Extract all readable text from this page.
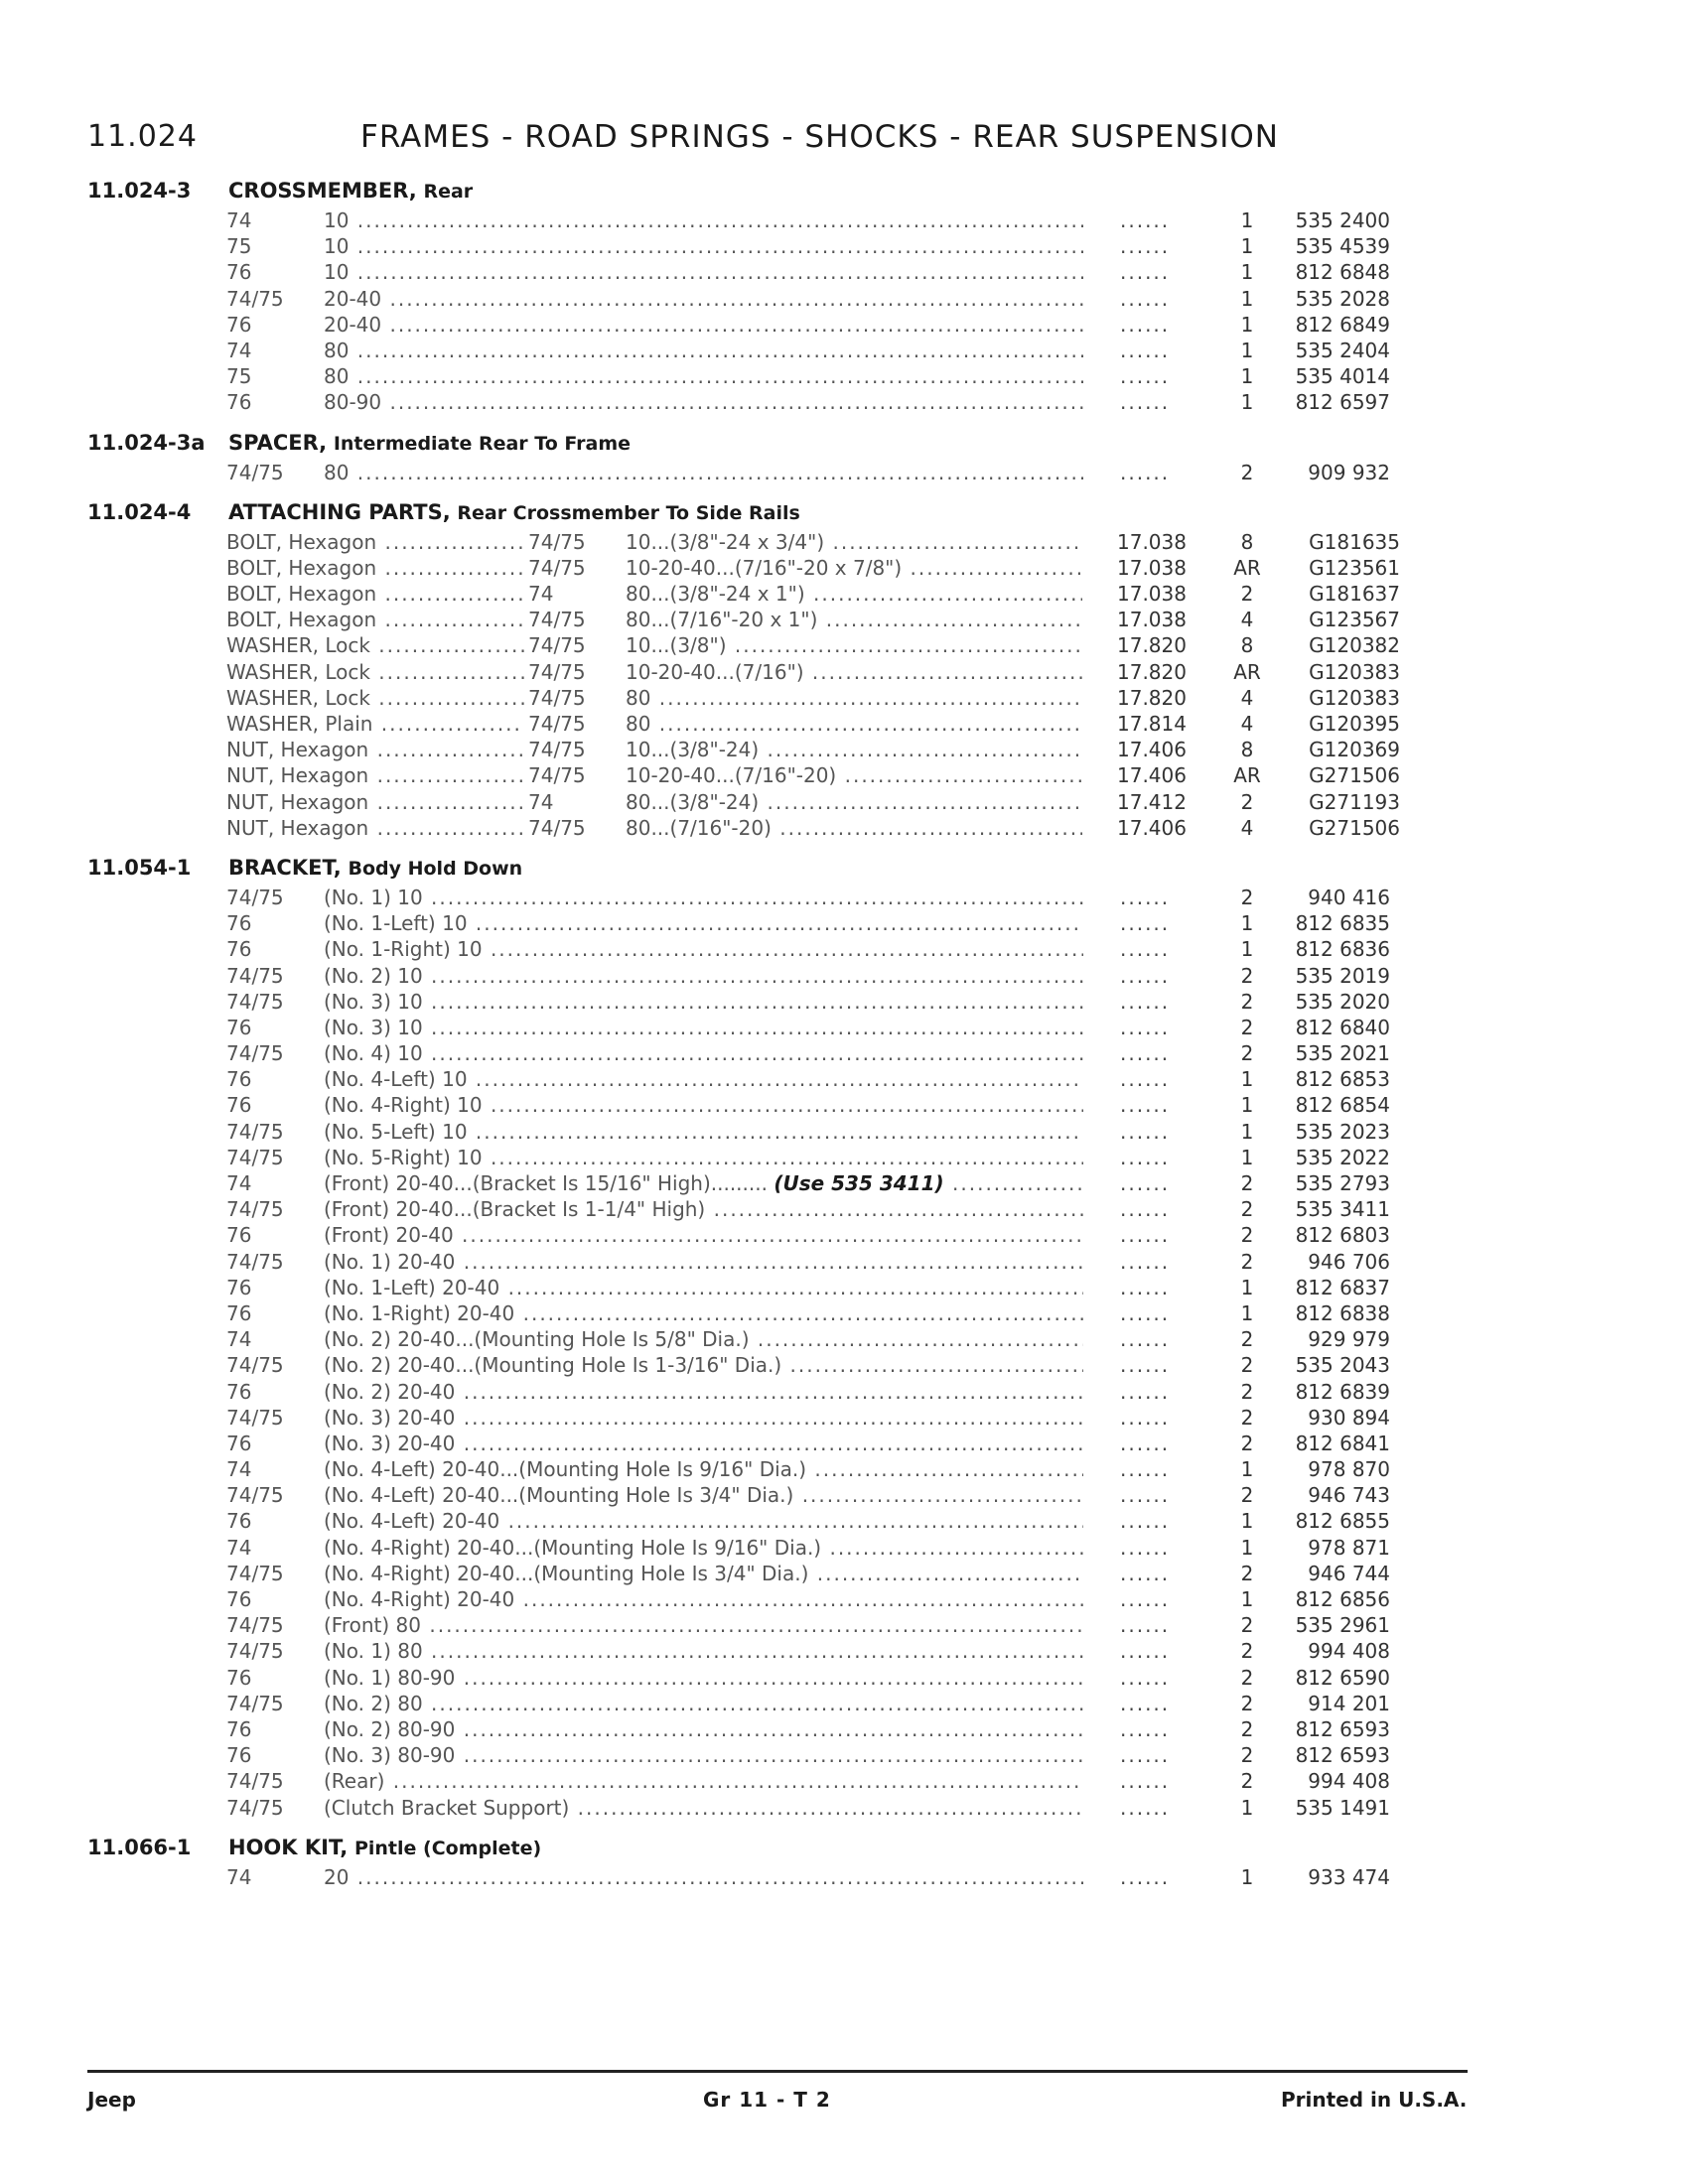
11.024	FRAMES - ROAD SPRINGS - SHOCKS - REAR SUSPENSION
11.024-3 CROSSMEMBER, Rear
74	10 .....	......	1	535 2400
75	10 .....	......	1	535 4539
76	10 .....	......	1	812 6848
74/75 20-40 .....	......	1	535 2028
76	20-40 .....	......	1	812 6849
74	80 .....	......	1	535 2404
75	80 .....	......	1	535 4014
76	80-90 .....	......	1	812 6597
11.024-3a SPACER, Intermediate Rear To Frame
74/75 80 .....	......	2	909 932
11.024-4 ATTACHING PARTS, Rear Crossmember To Side Rails
BOLT, Hexagon .....	74/75 10...(3/8"-24 x 3/4") .....	17.038	8	G181635
BOLT, Hexagon .....	74/75 10-20-40...(7/16"-20 x 7/8") .....	17.038	AR	G123561
BOLT, Hexagon .....	74	80...(3/8"-24 x 1") .....	17.038	2	G181637
BOLT, Hexagon .....	74/75 80...(7/16"-20 x 1") .....	17.038	4	G123567
WASHER, Lock .....	74/75 10...(3/8") .....	17.820	8	G120382
WASHER, Lock .....	74/75 10-20-40...(7/16") .....	17.820	AR	G120383
WASHER, Lock .....	74/75 80 .....	17.820	4	G120383
WASHER, Plain .....	74/75 80 .....	17.814	4	G120395
NUT, Hexagon .....	74/75 10...(3/8"-24) .....	17.406	8	G120369
NUT, Hexagon .....	74/75 10-20-40...(7/16"-20) .....	17.406	AR	G271506
NUT, Hexagon .....	74	80...(3/8"-24) .....	17.412	2	G271193
NUT, Hexagon .....	74/75 80...(7/16"-20) .....	17.406	4	G271506
11.054-1 BRACKET, Body Hold Down
74/75 (No. 1) 10 .....	......	2	940 416
76	(No. 1-Left) 10 .....	......	1	812 6835
76	(No. 1-Right) 10 .....	......	1	812 6836
74/75 (No. 2) 10 .....	......	2	535 2019
74/75 (No. 3) 10 .....	......	2	535 2020
76	(No. 3) 10 .....	......	2	812 6840
74/75 (No. 4) 10 .....	......	2	535 2021
76	(No. 4-Left) 10 .....	......	1	812 6853
76	(No. 4-Right) 10 .....	......	1	812 6854
74/75 (No. 5-Left) 10 .....	......	1	535 2023
74/75 (No. 5-Right) 10 .....	......	1	535 2022
74	(Front) 20-40...(Bracket Is 15/16" High)......... (Use 535 3411) .....	......	2	535 2793
74/75 (Front) 20-40...(Bracket Is 1-1/4" High) .....	......	2	535 3411
76	(Front) 20-40 .....	......	2	812 6803
74/75 (No. 1) 20-40 .....	......	2	946 706
76	(No. 1-Left) 20-40 .....	......	1	812 6837
76	(No. 1-Right) 20-40 .....	......	1	812 6838
74	(No. 2) 20-40...(Mounting Hole Is 5/8" Dia.) .....	......	2	929 979
74/75 (No. 2) 20-40...(Mounting Hole Is 1-3/16" Dia.) .....	......	2	535 2043
76	(No. 2) 20-40 .....	......	2	812 6839
74/75 (No. 3) 20-40 .....	......	2	930 894
76	(No. 3) 20-40 .....	......	2	812 6841
74	(No. 4-Left) 20-40...(Mounting Hole Is 9/16" Dia.) .....	......	1	978 870
74/75 (No. 4-Left) 20-40...(Mounting Hole Is 3/4" Dia.) .....	......	2	946 743
76	(No. 4-Left) 20-40 .....	......	1	812 6855
74	(No. 4-Right) 20-40...(Mounting Hole Is 9/16" Dia.) .....	......	1	978 871
74/75 (No. 4-Right) 20-40...(Mounting Hole Is 3/4" Dia.) .....	......	2	946 744
76	(No. 4-Right) 20-40 .....	......	1	812 6856
74/75 (Front) 80 .....	......	2	535 2961
74/75 (No. 1) 80 .....	......	2	994 408
76	(No. 1) 80-90 .....	......	2	812 6590
74/75 (No. 2) 80 .....	......	2	914 201
76	(No. 2) 80-90 .....	......	2	812 6593
76	(No. 3) 80-90 .....	......	2	812 6593
74/75 (Rear) .....	......	2	994 408
74/75 (Clutch Bracket Support) .....	......	1	535 1491
11.066-1 HOOK KIT, Pintle (Complete)
74	20 .....	......	1	933 474
Jeep	Gr 11 - T 2	Printed in U.S.A.
